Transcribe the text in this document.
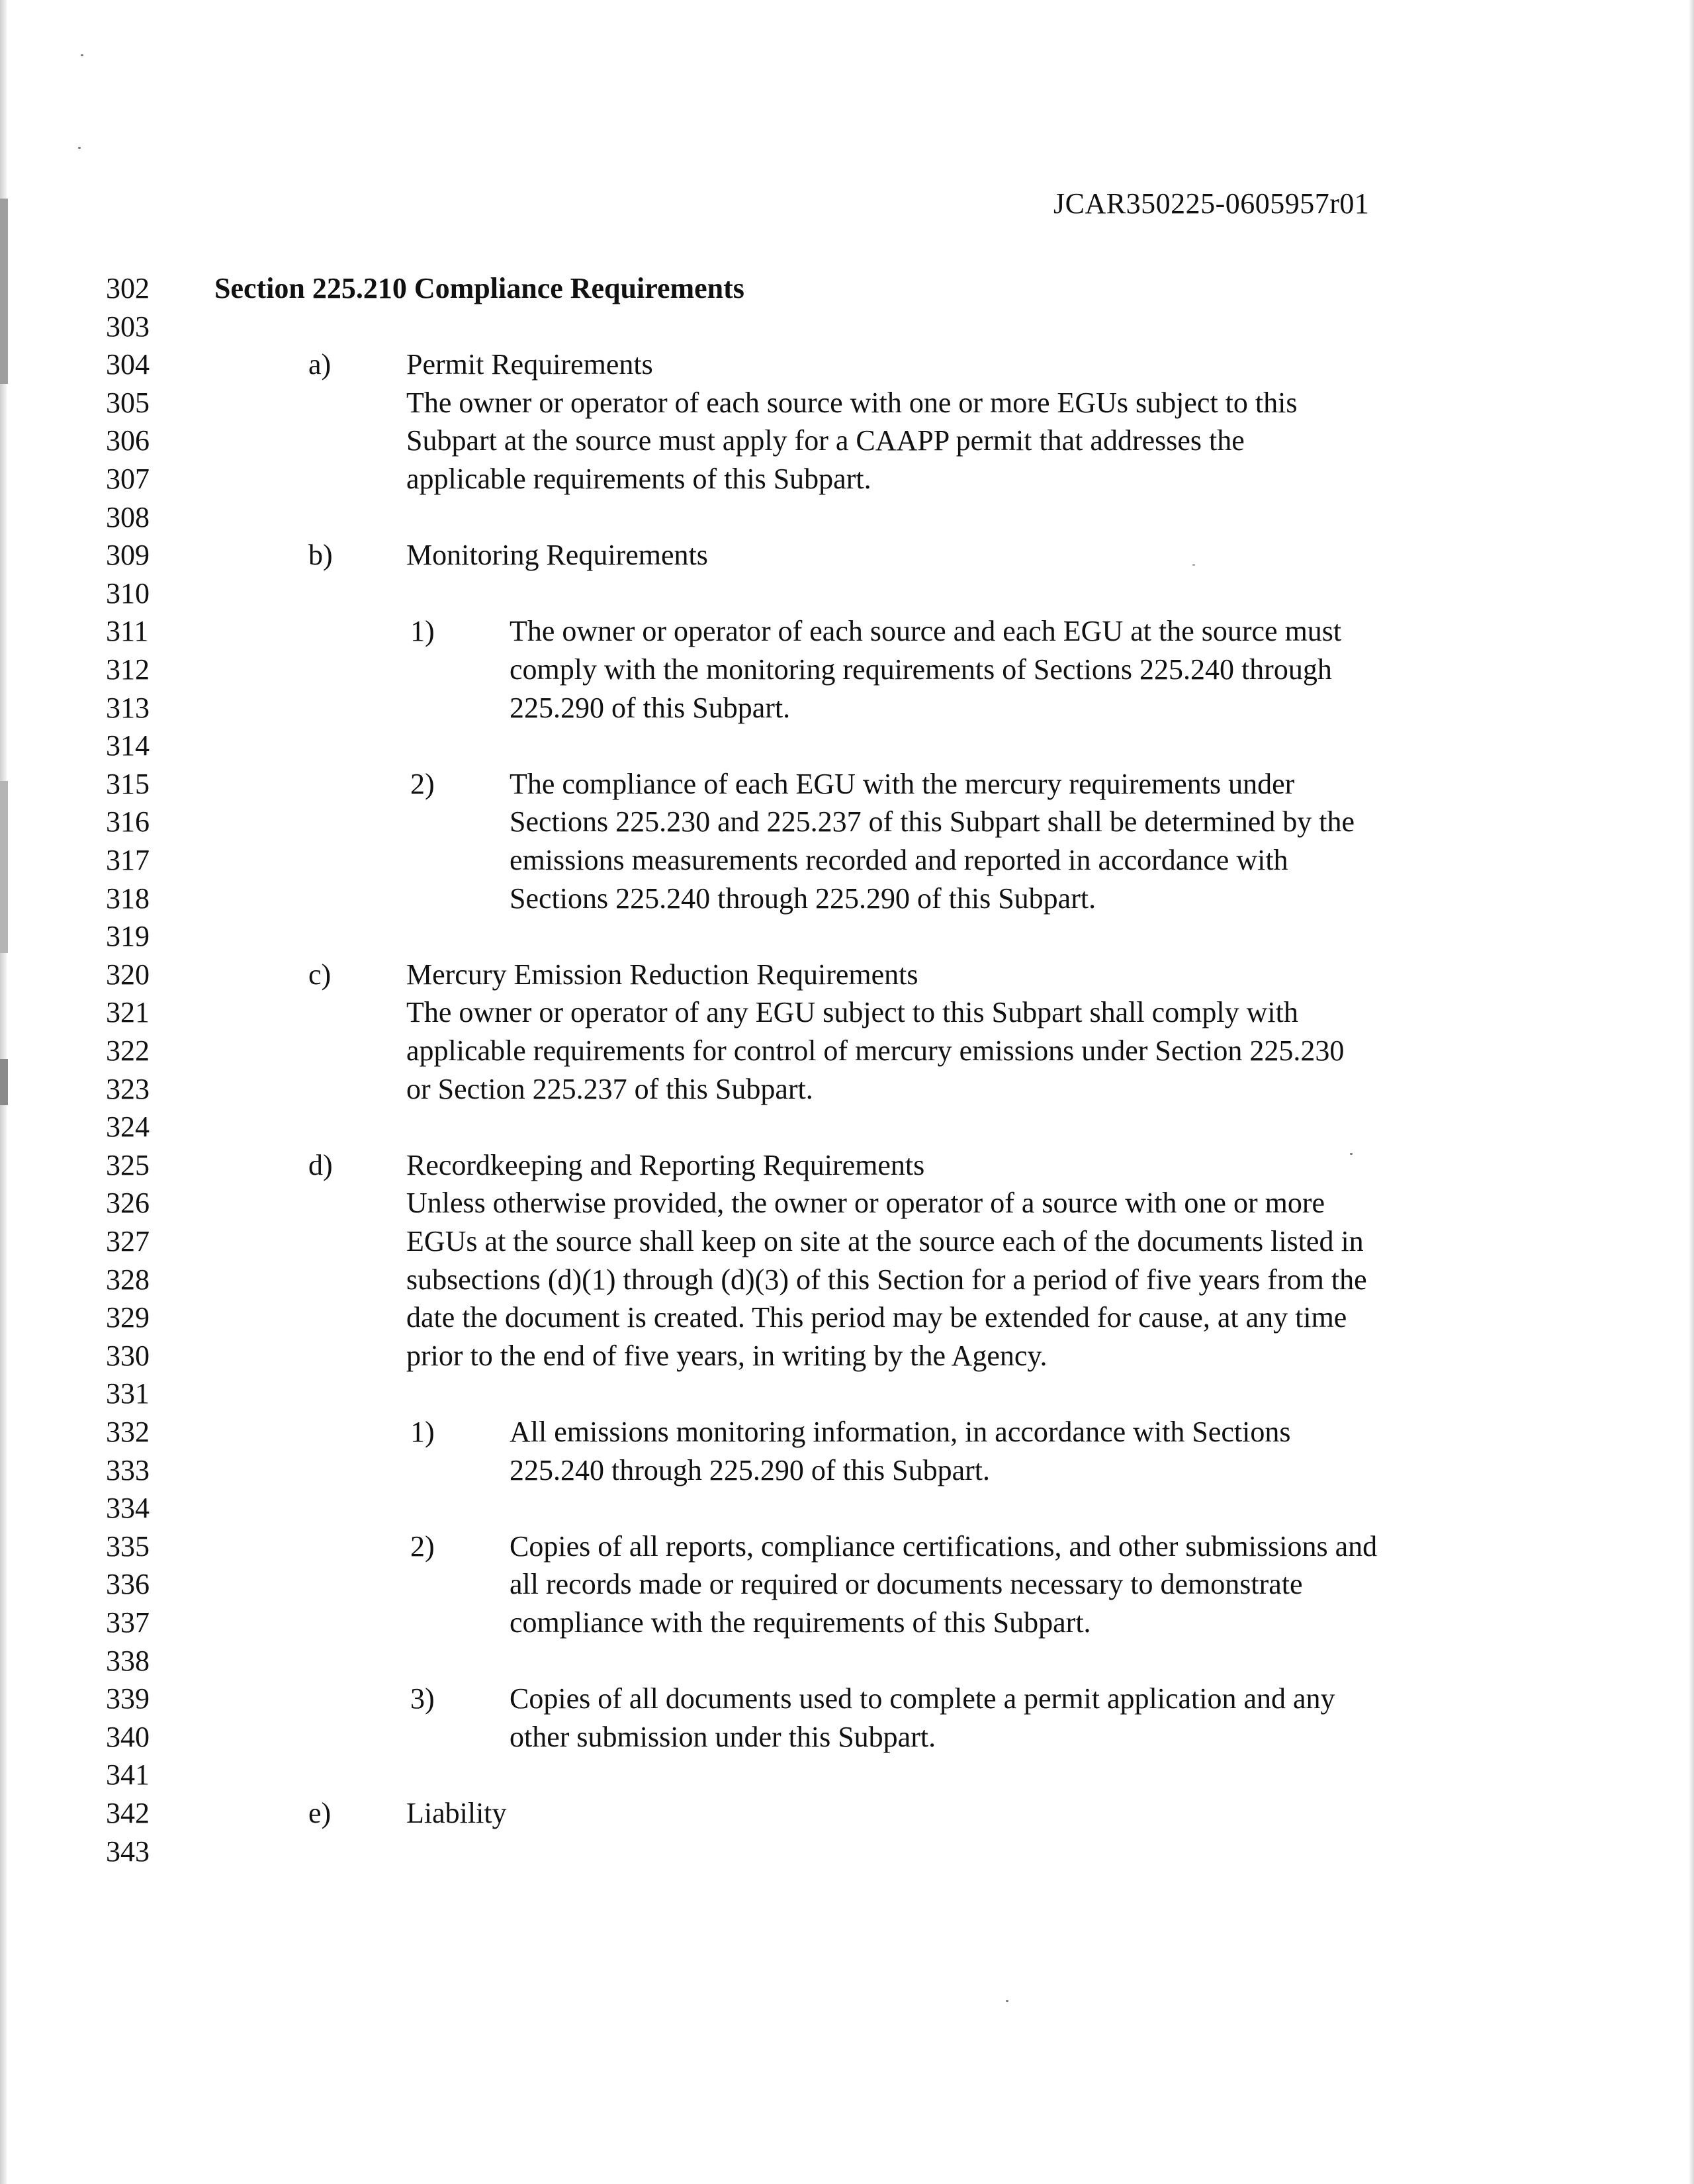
JCAR350225-0605957r01
302	Section 225.210 Compliance Requirements
303
304	a)	Permit Requirements
305	The owner or operator of each source with one or more EGUs subject to this
306	Subpart at the source must apply for a CAAPP permit that addresses the
307	applicable requirements of this Subpart.
308
309	b)	Monitoring Requirements
310
311	1)	The owner or operator of each source and each EGU at the source must
312	comply with the monitoring requirements of Sections 225.240 through
313	225.290 of this Subpart.
314
315	2)	The compliance of each EGU with the mercury requirements under
316	Sections 225.230 and 225.237 of this Subpart shall be determined by the
317	emissions measurements recorded and reported in accordance with
318	Sections 225.240 through 225.290 of this Subpart.
319
320	c)	Mercury Emission Reduction Requirements
321	The owner or operator of any EGU subject to this Subpart shall comply with
322	applicable requirements for control of mercury emissions under Section 225.230
323	or Section 225.237 of this Subpart.
324
325	d)	Recordkeeping and Reporting Requirements
326	Unless otherwise provided, the owner or operator of a source with one or more
327	EGUs at the source shall keep on site at the source each of the documents listed in
328	subsections (d)(1) through (d)(3) of this Section for a period of five years from the
329	date the document is created. This period may be extended for cause, at any time
330	prior to the end of five years, in writing by the Agency.
331
332	1)	All emissions monitoring information, in accordance with Sections
333	225.240 through 225.290 of this Subpart.
334
335	2)	Copies of all reports, compliance certifications, and other submissions and
336	all records made or required or documents necessary to demonstrate
337	compliance with the requirements of this Subpart.
338
339	3)	Copies of all documents used to complete a permit application and any
340	other submission under this Subpart.
341
342	e)	Liability
343
